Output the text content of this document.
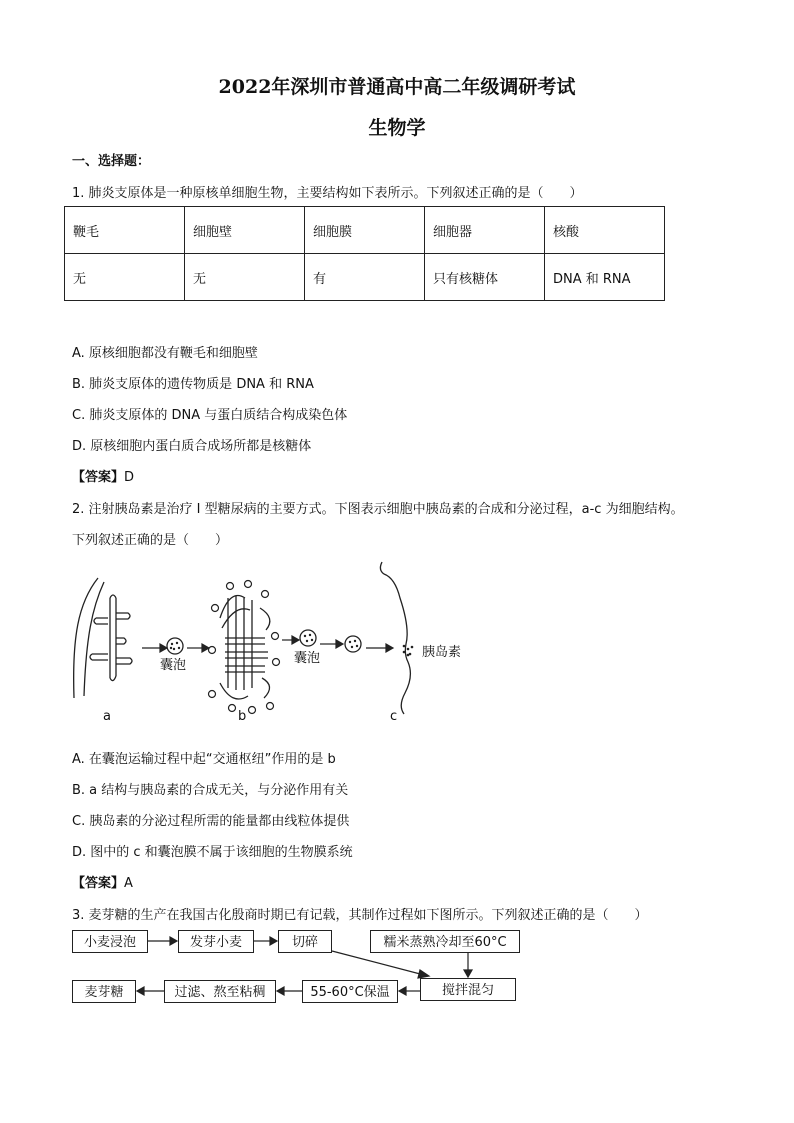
2022年深圳市普通高中高二年级调研考试
生物学
一、选择题：
1. 肺炎支原体是一种原核单细胞生物，主要结构如下表所示。下列叙述正确的是（　　）
鞭毛	细胞壁	细胞膜	细胞器	核酸
无	无	有	只有核糖体	DNA 和 RNA
A. 原核细胞都没有鞭毛和细胞壁
B. 肺炎支原体的遗传物质是 DNA 和 RNA
C. 肺炎支原体的 DNA 与蛋白质结合构成染色体
D. 原核细胞内蛋白质合成场所都是核糖体
【答案】D
2. 注射胰岛素是治疗 I 型糖尿病的主要方式。下图表示细胞中胰岛素的合成和分泌过程，a-c 为细胞结构。
下列叙述正确的是（　　）
囊泡	囊泡	胰岛素
a	b	c
A. 在囊泡运输过程中起“交通枢纽”作用的是 b
B. a 结构与胰岛素的合成无关，与分泌作用有关
C. 胰岛素的分泌过程所需的能量都由线粒体提供
D. 图中的 c 和囊泡膜不属于该细胞的生物膜系统
【答案】A
3. 麦芽糖的生产在我国古化殷商时期已有记载，其制作过程如下图所示。下列叙述正确的是（　　）
小麦浸泡	发芽小麦	切碎	糯米蒸熟冷却至60°C
搅拌混匀
55-60°C保温
过滤、熬至粘稠
麦芽糖
